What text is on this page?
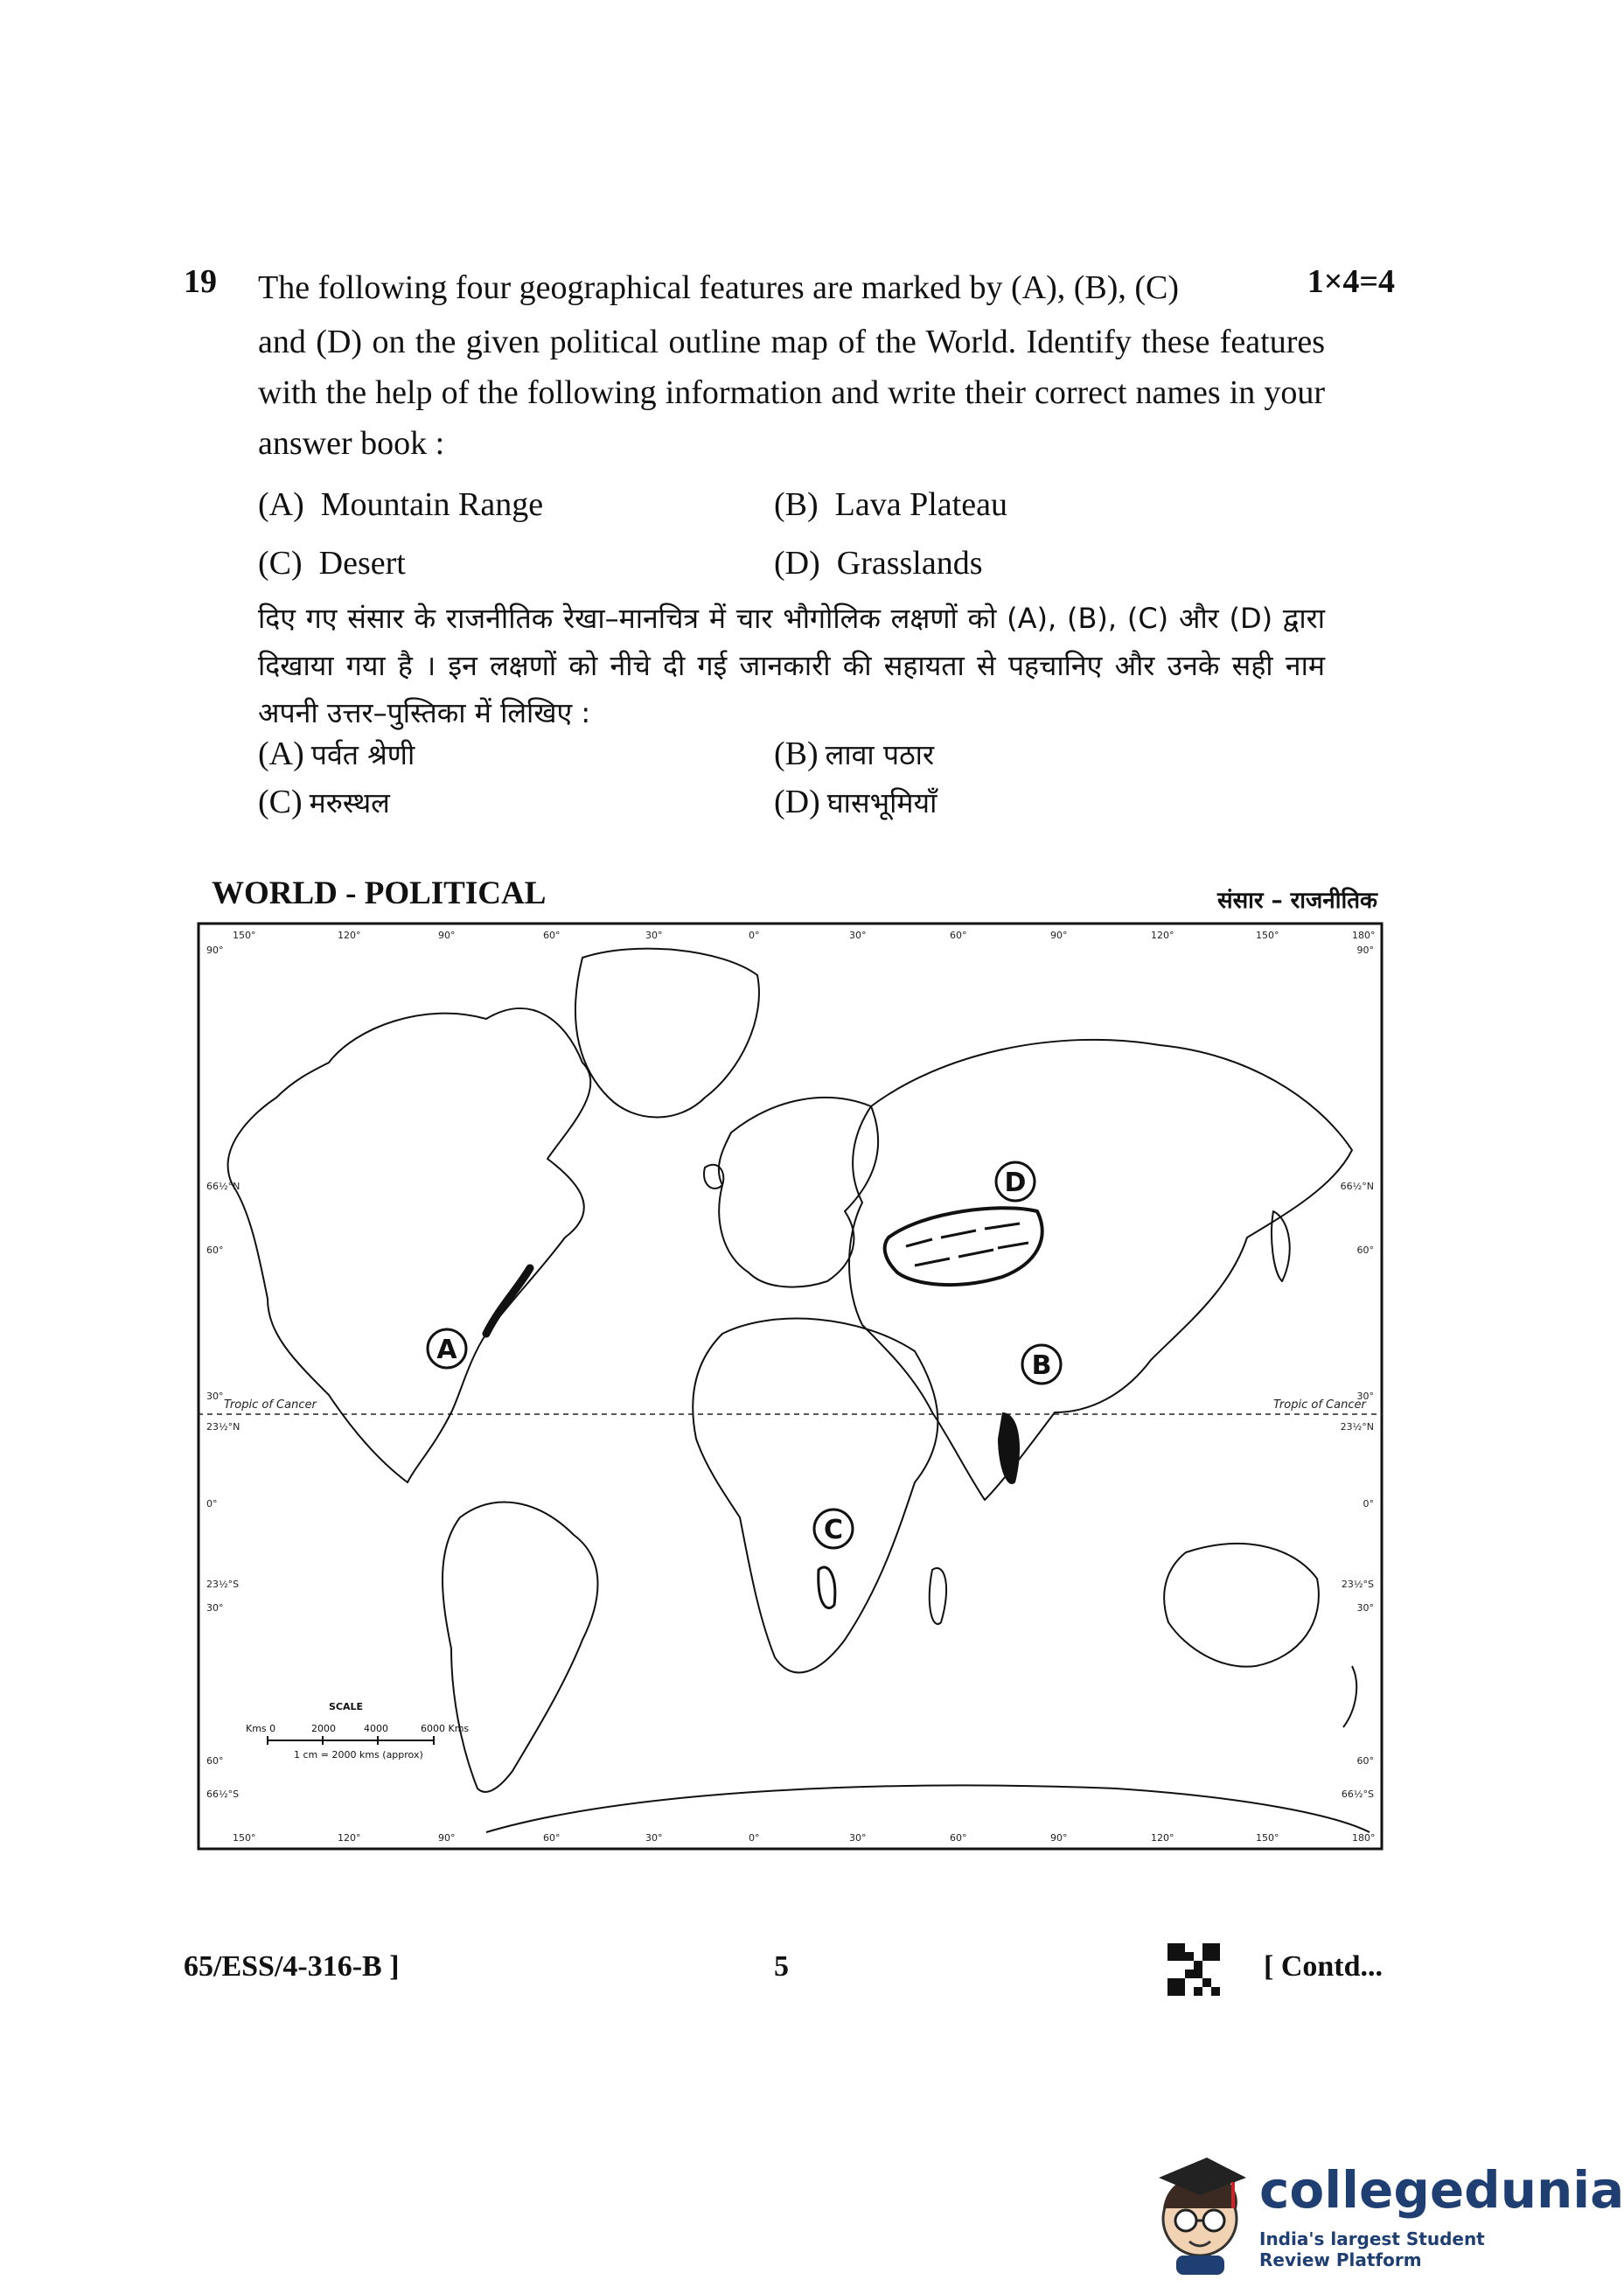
19	1×4=4
The following four geographical features are marked by (A), (B), (C)
and (D) on the given political outline map of the World. Identify these features with the help of the following information and write their correct names in your answer book :
(A) Mountain Range	(B) Lava Plateau
(C) Desert	(D) Grasslands
दिए गए संसार के राजनीतिक रेखा–मानचित्र में चार भौगोलिक लक्षणों को (A), (B), (C) और (D) द्वारा दिखाया गया है । इन लक्षणों को नीचे दी गई जानकारी की सहायता से पहचानिए और उनके सही नाम अपनी उत्तर–पुस्तिका में लिखिए :
(A) पर्वत श्रेणी	(B) लावा पठार
(C) मरुस्थल	(D) घासभूमियाँ
WORLD - POLITICAL	संसार – राजनीतिक
150°	120°	90°	60°	30°	0°	30°	60°	90°	120°	150°	180°
150°	120°	90°	60°	30°	0°	30°	60°	90°	120°	150°	180°
90°
66½°N
60°
30°
23½°N
0°
23½°S
30°
60°
66½°S
90°
66½°N
60°
30°
23½°N
0°
23½°S
30°
60°
66½°S
Tropic of Cancer	Tropic of Cancer
A
B
C
D
SCALE
Kms 0	2000	4000	6000 Kms
1 cm = 2000 kms (approx)
65/ESS/4-316-B ]	5	[ Contd...
collegedunia
India's largest Student Review Platform
